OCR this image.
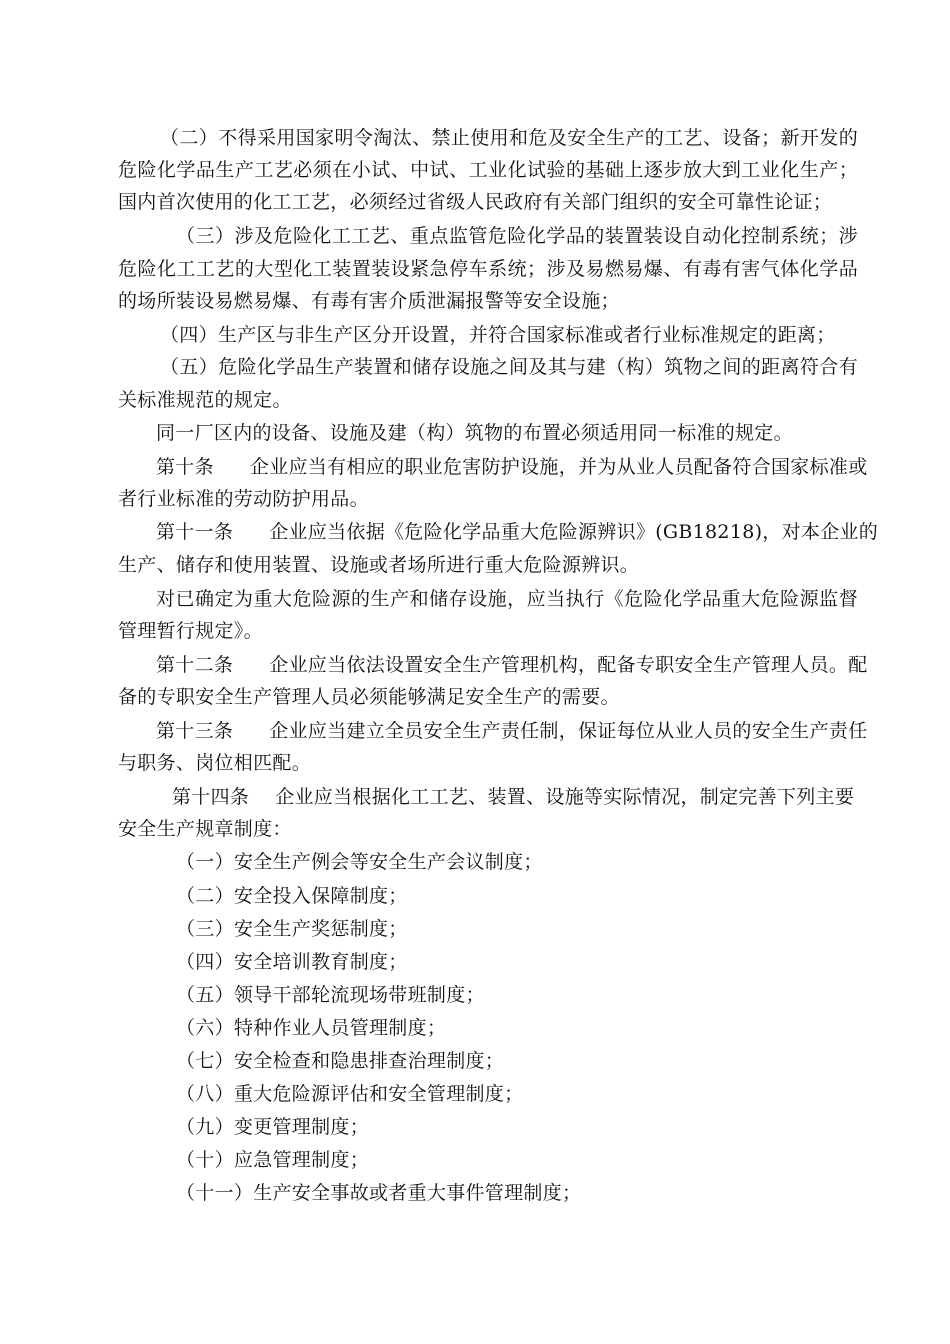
（二）不得采用国家明令淘汰、禁止使用和危及安全生产的工艺、设备；新开发的
危险化学品生产工艺必须在小试、中试、工业化试验的基础上逐步放大到工业化生产；
国内首次使用的化工工艺，必须经过省级人民政府有关部门组织的安全可靠性论证；
（三）涉及危险化工工艺、重点监管危险化学品的装置装设自动化控制系统；涉
危险化工工艺的大型化工装置装设紧急停车系统；涉及易燃易爆、有毒有害气体化学品
的场所装设易燃易爆、有毒有害介质泄漏报警等安全设施；
（四）生产区与非生产区分开设置，并符合国家标准或者行业标准规定的距离；
（五）危险化学品生产装置和储存设施之间及其与建（构）筑物之间的距离符合有
关标准规范的规定。
同一厂区内的设备、设施及建（构）筑物的布置必须适用同一标准的规定。
第十条 企业应当有相应的职业危害防护设施，并为从业人员配备符合国家标准或
者行业标准的劳动防护用品。
第十一条 企业应当依据《危险化学品重大危险源辨识》(GB18218)，对本企业的
生产、储存和使用装置、设施或者场所进行重大危险源辨识。
对已确定为重大危险源的生产和储存设施，应当执行《危险化学品重大危险源监督
管理暂行规定》。
第十二条 企业应当依法设置安全生产管理机构，配备专职安全生产管理人员。配
备的专职安全生产管理人员必须能够满足安全生产的需要。
第十三条 企业应当建立全员安全生产责任制，保证每位从业人员的安全生产责任
与职务、岗位相匹配。
第十四条 企业应当根据化工工艺、装置、设施等实际情况，制定完善下列主要
安全生产规章制度：
（一）安全生产例会等安全生产会议制度；
（二）安全投入保障制度；
（三）安全生产奖惩制度；
（四）安全培训教育制度；
（五）领导干部轮流现场带班制度；
（六）特种作业人员管理制度；
（七）安全检查和隐患排查治理制度；
（八）重大危险源评估和安全管理制度；
（九）变更管理制度；
（十）应急管理制度；
（十一）生产安全事故或者重大事件管理制度；
